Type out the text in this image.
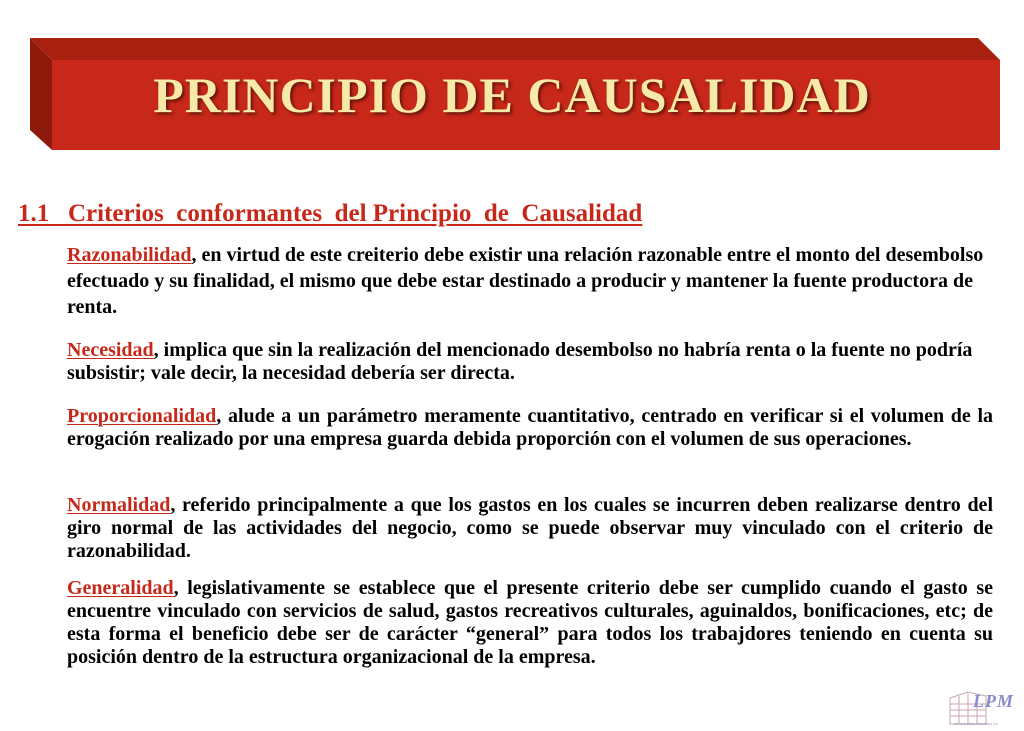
PRINCIPIO DE CAUSALIDAD
1.1   Criterios  conformantes  del Principio  de  Causalidad

Razonabilidad, en virtud de este creiterio debe existir una relación razonable entre el monto del desembolso efectuado y su finalidad, el mismo que debe estar destinado a producir y mantener la fuente productora de renta.

Necesidad, implica que sin la realización del mencionado desembolso no habría renta o la fuente no podría subsistir; vale decir, la necesidad debería ser directa.

Proporcionalidad, alude a un parámetro meramente cuantitativo, centrado en verificar si el volumen de la erogación realizado por una empresa guarda debida proporción con el volumen de sus operaciones.

Normalidad, referido principalmente a que los gastos en los cuales se incurren deben realizarse dentro del giro normal de las actividades del negocio, como se puede observar muy vinculado con el criterio de razonabilidad.

Generalidad, legislativamente se establece que el presente criterio debe ser cumplido cuando el gasto se encuentre vinculado con servicios de salud, gastos recreativos culturales, aguinaldos, bonificaciones, etc; de esta forma el beneficio debe ser de carácter “general” para todos los trabajdores teniendo en cuenta su posición dentro de la estructura organizacional de la empresa.

CONTADORES ASESORES S.A.
LPM
